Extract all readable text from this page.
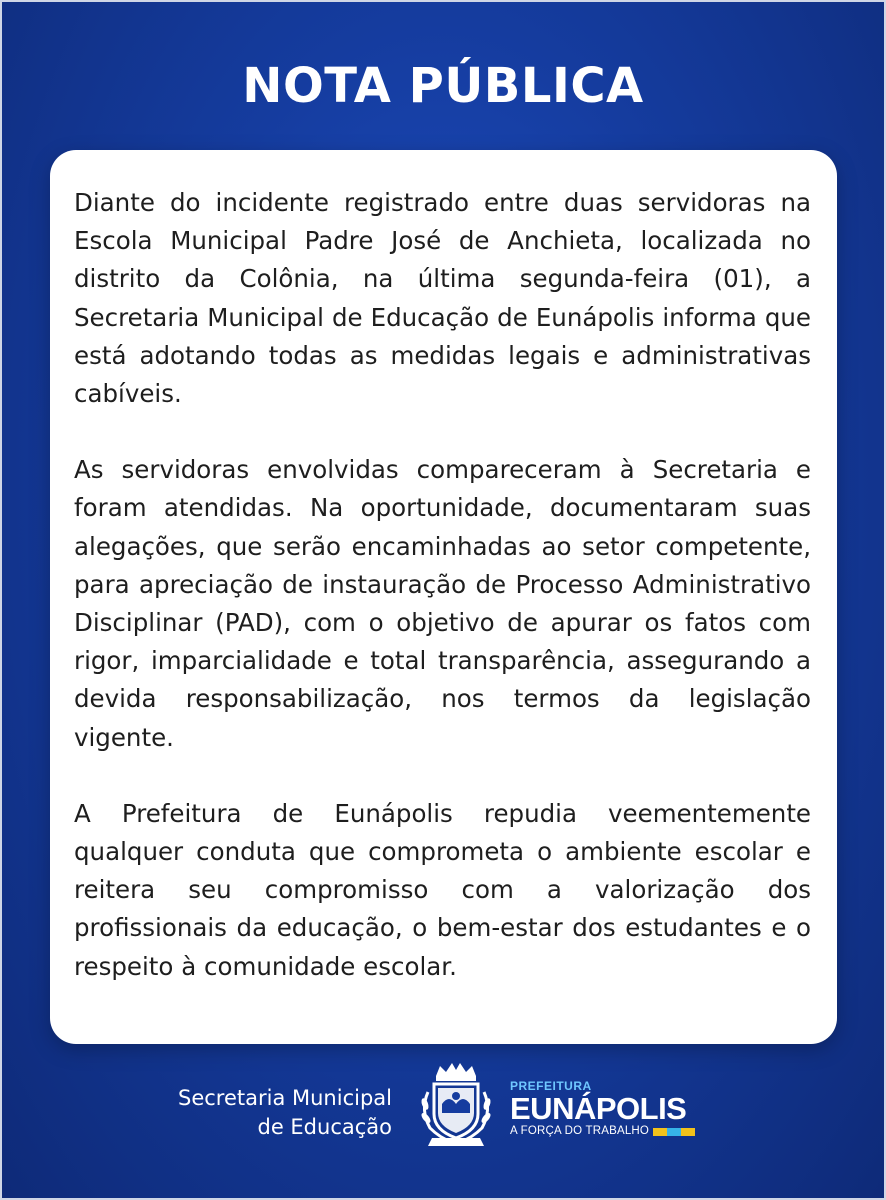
NOTA PÚBLICA

Diante do incidente registrado entre duas servidoras na Escola Municipal Padre José de Anchieta, localizada no distrito da Colônia, na última segunda-feira (01), a Secretaria Municipal de Educação de Eunápolis informa que está adotando todas as medidas legais e administrativas cabíveis.

As servidoras envolvidas compareceram à Secretaria e foram atendidas. Na oportunidade, documentaram suas alegações, que serão encaminhadas ao setor competente, para apreciação de instauração de Processo Administrativo Disciplinar (PAD), com o objetivo de apurar os fatos com rigor, imparcialidade e total transparência, assegurando a devida responsabilização, nos termos da legislação vigente.

A Prefeitura de Eunápolis repudia veementemente qualquer conduta que comprometa o ambiente escolar e reitera seu compromisso com a valorização dos profissionais da educação, o bem-estar dos estudantes e o respeito à comunidade escolar.

Secretaria Municipal
de Educação
PREFEITURA
EUNÁPOLIS
A FORÇA DO TRABALHO
